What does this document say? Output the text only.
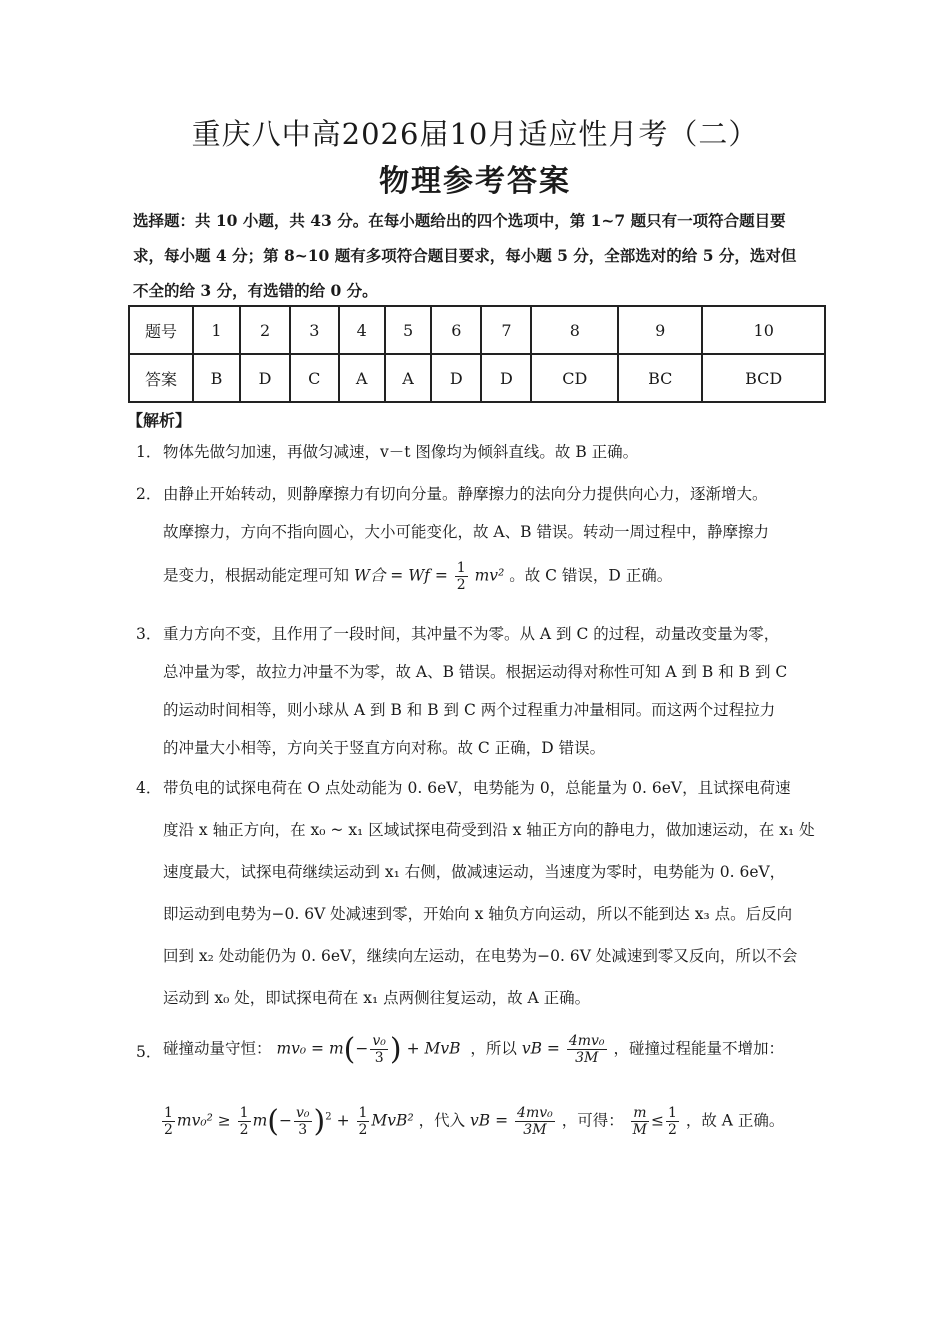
重庆八中高2026届10月适应性月考（二）
物理参考答案
选择题：共 10 小题，共 43 分。在每小题给出的四个选项中，第 1~7 题只有一项符合题目要
求，每小题 4 分；第 8~10 题有多项符合题目要求，每小题 5 分，全部选对的给 5 分，选对但
不全的给 3 分，有选错的给 0 分。
题号	1	2	3	4	5	6	7	8	9	10
答案	B	D	C	A	A	D	D	CD	BC	BCD
【解析】
1． 物体先做匀加速，再做匀减速，v－t 图像均为倾斜直线。故 B 正确。
2． 由静止开始转动，则静摩擦力有切向分量。静摩擦力的法向分力提供向心力，逐渐增大。
故摩擦力，方向不指向圆心，大小可能变化，故 A、B 错误。转动一周过程中，静摩擦力
是变力，根据动能定理可知 W合 = $Wf = \frac{1}{2} mv^2$ 。故 C 错误，D 正确。
3． 重力方向不变，且作用了一段时间，其冲量不为零。从 A 到 C 的过程，动量改变量为零，
总冲量为零，故拉力冲量不为零，故 A、B 错误。根据运动得对称性可知 A 到 B 和 B 到 C
的运动时间相等，则小球从 A 到 B 和 B 到 C 两个过程重力冲量相同。而这两个过程拉力
的冲量大小相等，方向关于竖直方向对称。故 C 正确，D 错误。
4． 带负电的试探电荷在 O 点处动能为 0. 6eV，电势能为 0，总能量为 0. 6eV，且试探电荷速
度沿 x 轴正方向，在 x₀ ~ x₁ 区域试探电荷受到沿 x 轴正方向的静电力，做加速运动，在 x₁ 处
速度最大，试探电荷继续运动到 x₁ 右侧，做减速运动，当速度为零时，电势能为 0. 6eV，
即运动到电势为−0. 6V 处减速到零，开始向 x 轴负方向运动，所以不能到达 x₃ 点。后反向
回到 x₂ 处动能仍为 0. 6eV，继续向左运动，在电势为−0. 6V 处减速到零又反向，所以不会
运动到 x₀ 处，即试探电荷在 x₁ 点两侧往复运动，故 A 正确。
5． 碰撞动量守恒： $mv_0 = m(- \frac{\text{v₀}}{3}$ ) + MvB ，所以 vB = $\frac{\text{4mv₀}}{3M}$ ，碰撞过程能量不增加：
$\frac{1}{2} mv_0^2 \ge \frac{1}{2} m(- \frac{\text{v₀}}{3} )^2 + \frac{1}{2} MvB^2$ ，代入 vB = $\frac{\text{4mv₀}}{3M}$ ，可得： $\frac{m}{M} \le \frac{1}{2}$ ，故 A 正确。
